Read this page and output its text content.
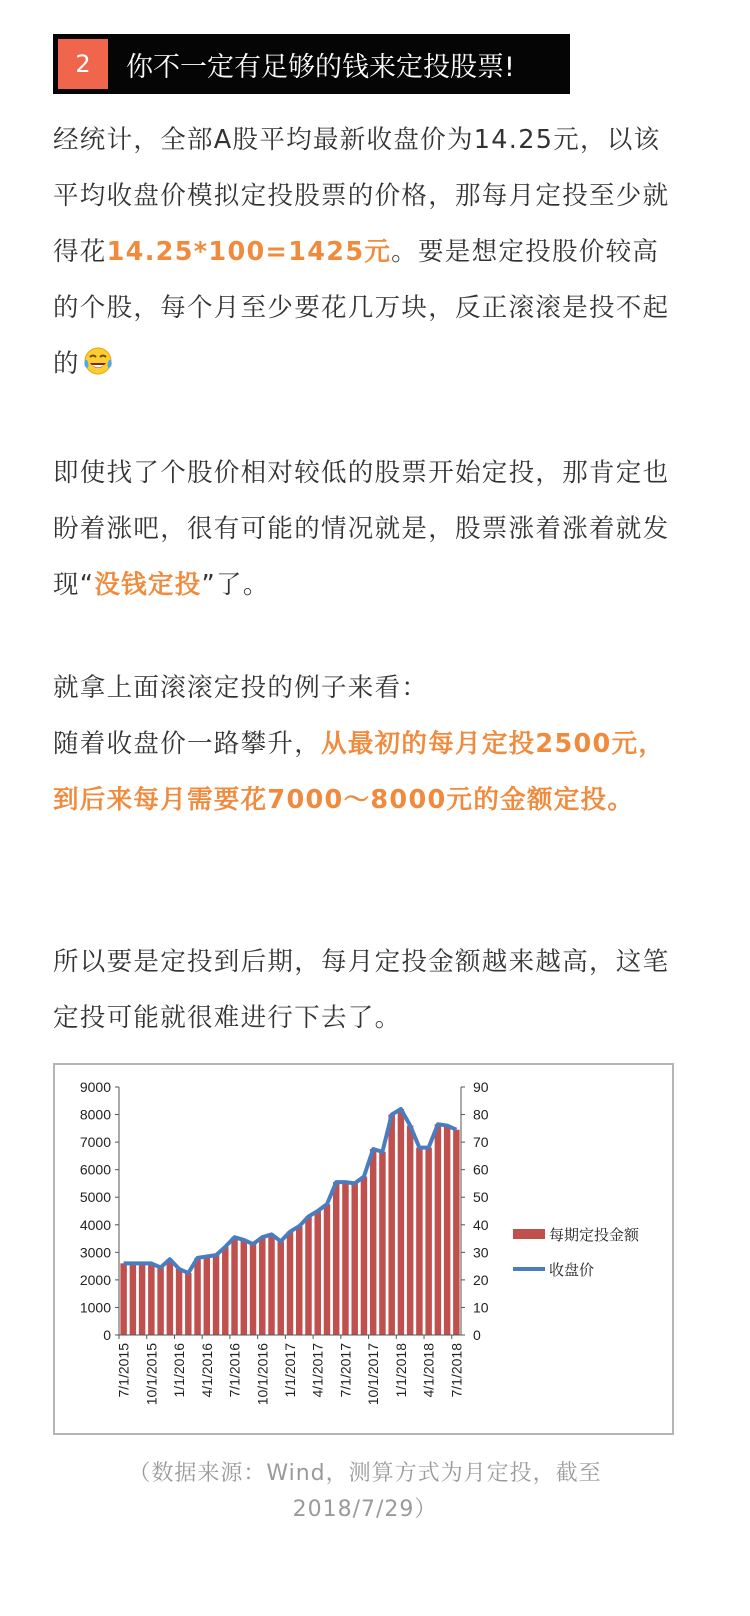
2	你不一定有足够的钱来定投股票!

经统计，全部A股平均最新收盘价为14.25元，以该平均收盘价模拟定投股票的价格，那每月定投至少就得花14.25*100=1425元。要是想定投股价较高的个股，每个月至少要花几万块，反正滚滚是投不起的

即使找了个股价相对较低的股票开始定投，那肯定也盼着涨吧，很有可能的情况就是，股票涨着涨着就发现“没钱定投”了。

就拿上面滚滚定投的例子来看：
随着收盘价一路攀升，从最初的每月定投2500元，到后来每月需要花7000～8000元的金额定投。

所以要是定投到后期，每月定投金额越来越高，这笔定投可能就很难进行下去了。

0
1000
2000
3000
4000
5000
6000
7000
8000
9000
0
10
20
30
40
50
60
70
80
90
7/1/2015 10/1/2015 1/1/2016 4/1/2016 7/1/2016 10/1/2016 1/1/2017 4/1/2017 7/1/2017 10/1/2017 1/1/2018 4/1/2018 7/1/2018
每期定投金额
收盘价
（数据来源：Wind，测算方式为月定投，截至
2018/7/29）
